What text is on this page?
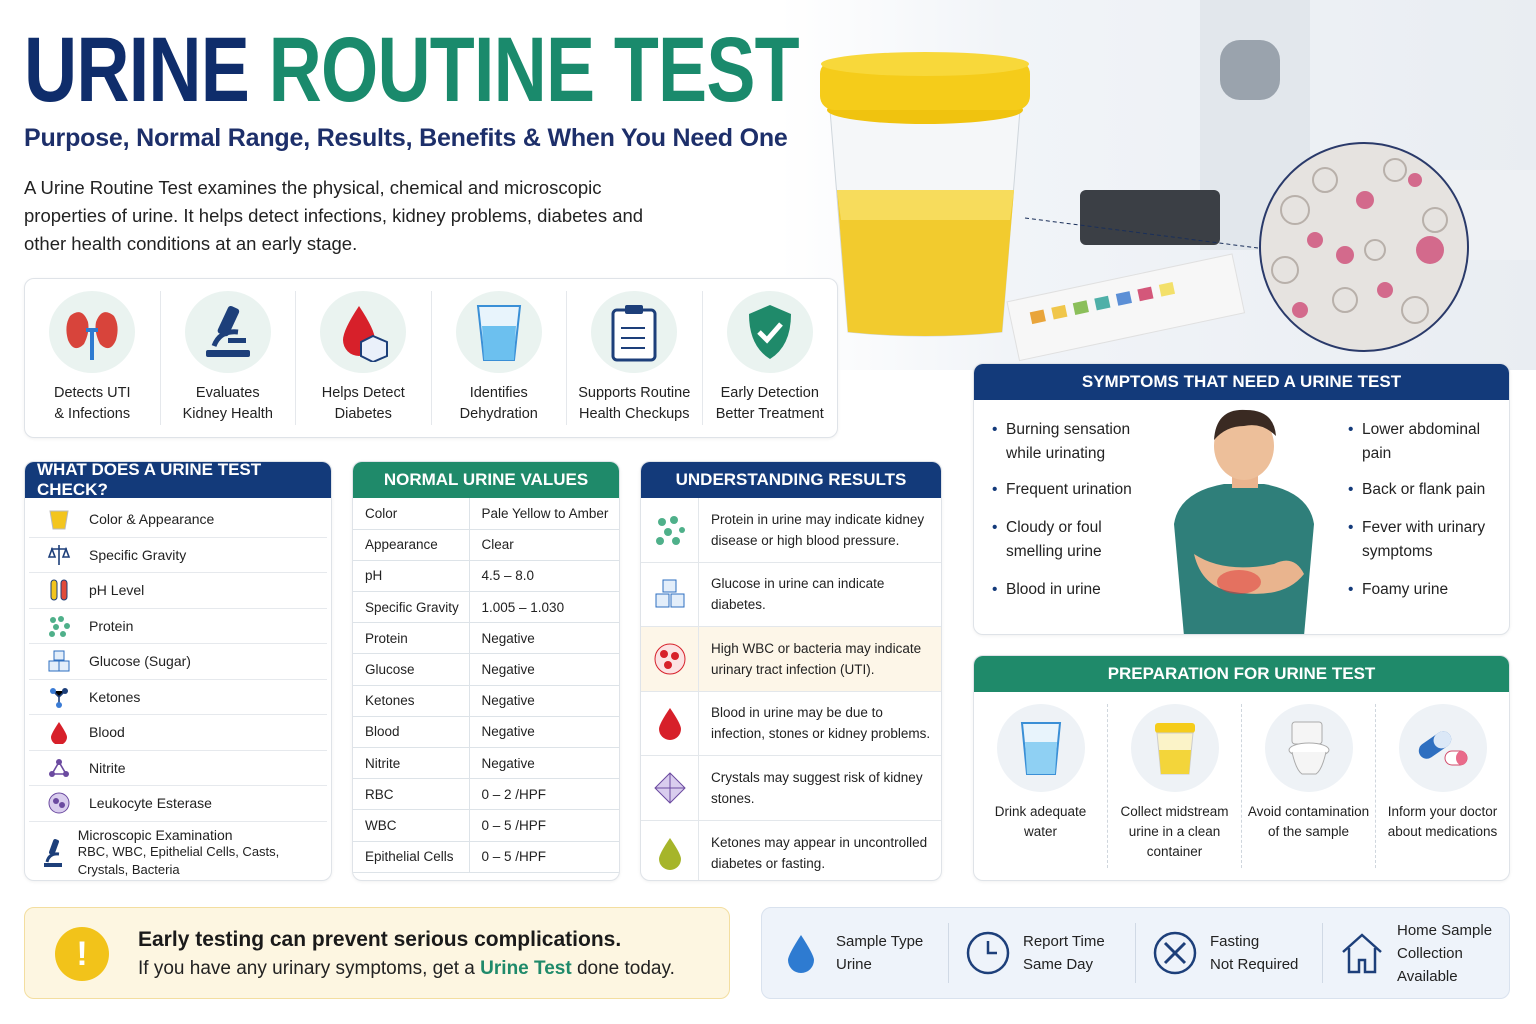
URINE ROUTINE TEST
Purpose, Normal Range, Results, Benefits & When You Need One
A Urine Routine Test examines the physical, chemical and microscopic properties of urine. It helps detect infections, kidney problems, diabetes and other health conditions at an early stage.
Detects UTI
& Infections
Evaluates
Kidney Health
Helps Detect
Diabetes
Identifies
Dehydration
Supports Routine
Health Checkups
Early Detection
Better Treatment
WHAT DOES A URINE TEST CHECK?
Color & Appearance
Specific Gravity
pH Level
Protein
Glucose (Sugar)
Ketones
Blood
Nitrite
Leukocyte Esterase
Microscopic Examination
RBC, WBC, Epithelial Cells, Casts, Crystals, Bacteria
NORMAL URINE VALUES
Color	Pale Yellow to Amber
Appearance	Clear
pH	4.5 – 8.0
Specific Gravity	1.005 – 1.030
Protein	Negative
Glucose	Negative
Ketones	Negative
Blood	Negative
Nitrite	Negative
RBC	0 – 2 /HPF
WBC	0 – 5 /HPF
Epithelial Cells	0 – 5 /HPF
UNDERSTANDING RESULTS
Protein in urine may indicate kidney disease or high blood pressure.
Glucose in urine can indicate diabetes.
High WBC or bacteria may indicate urinary tract infection (UTI).
Blood in urine may be due to infection, stones or kidney problems.
Crystals may suggest risk of kidney stones.
Ketones may appear in uncontrolled diabetes or fasting.
SYMPTOMS THAT NEED A URINE TEST
• Burning sensation while urinating
• Frequent urination
• Cloudy or foul smelling urine
• Blood in urine
• Lower abdominal pain
• Back or flank pain
• Fever with urinary symptoms
• Foamy urine
PREPARATION FOR URINE TEST
Drink adequate
water
Collect midstream
urine in a clean
container
Avoid contamination
of the sample
Inform your doctor
about medications
!	Early testing can prevent serious complications.
If you have any urinary symptoms, get a Urine Test done today.
Sample Type
Urine
Report Time
Same Day
Fasting
Not Required
Home Sample
Collection
Available
